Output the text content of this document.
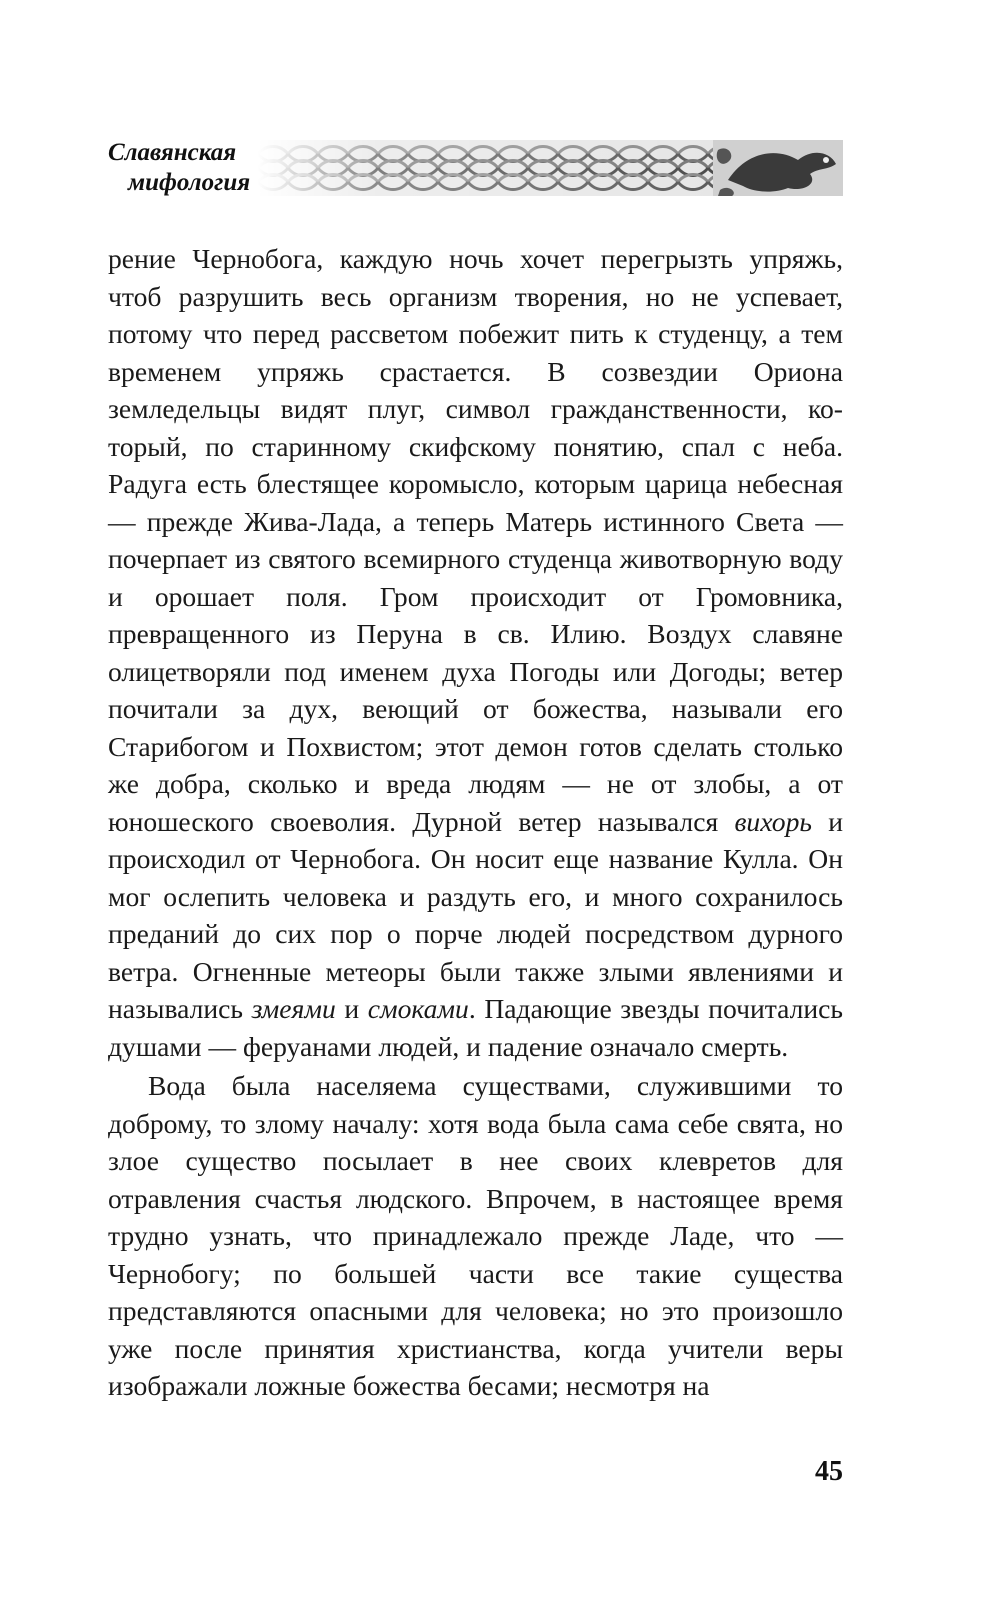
Славянская
мифология

рение Чернобога, каждую ночь хочет перегрызть упряжь, чтоб разрушить весь организм творения, но не успевает, потому что перед рассветом побежит пить к студенцу, а тем временем упряжь срастается. В созвездии Ориона земледельцы видят плуг, символ гражданственности, который, по старинному скифскому понятию, спал с неба. Радуга есть блестящее коромысло, которым царица небесная — прежде Жива-Лада, а теперь Матерь истинного Света — почерпает из святого всемирного студенца животворную воду и орошает поля. Гром происходит от Громовника, превращенного из Перуна в св. Илию. Воздух славяне олицетворяли под именем духа Погоды или Догоды; ветер почитали за дух, веющий от божества, называли его Старибогом и Похвистом; этот демон готов сделать столько же добра, сколько и вреда людям — не от злобы, а от юношеского своеволия. Дурной ветер назывался вихорь и происходил от Чернобога. Он носит еще название Кулла. Он мог ослепить человека и раздуть его, и много сохранилось преданий до сих пор о порче людей посредством дурного ветра. Огненные метеоры были также злыми явлениями и назывались змеями и смоками. Падающие звезды почитались душами — феруанами людей, и падение означало смерть.

Вода была населяема существами, служившими то доброму, то злому началу: хотя вода была сама себе свята, но злое существо посылает в нее своих клевретов для отравления счастья людского. Впрочем, в настоящее время трудно узнать, что принадлежало прежде Ладе, что — Чернобогу; по большей части все такие существа представляются опасными для человека; но это произошло уже после принятия христианства, когда учители веры изображали ложные божества бесами; несмотря на

45
